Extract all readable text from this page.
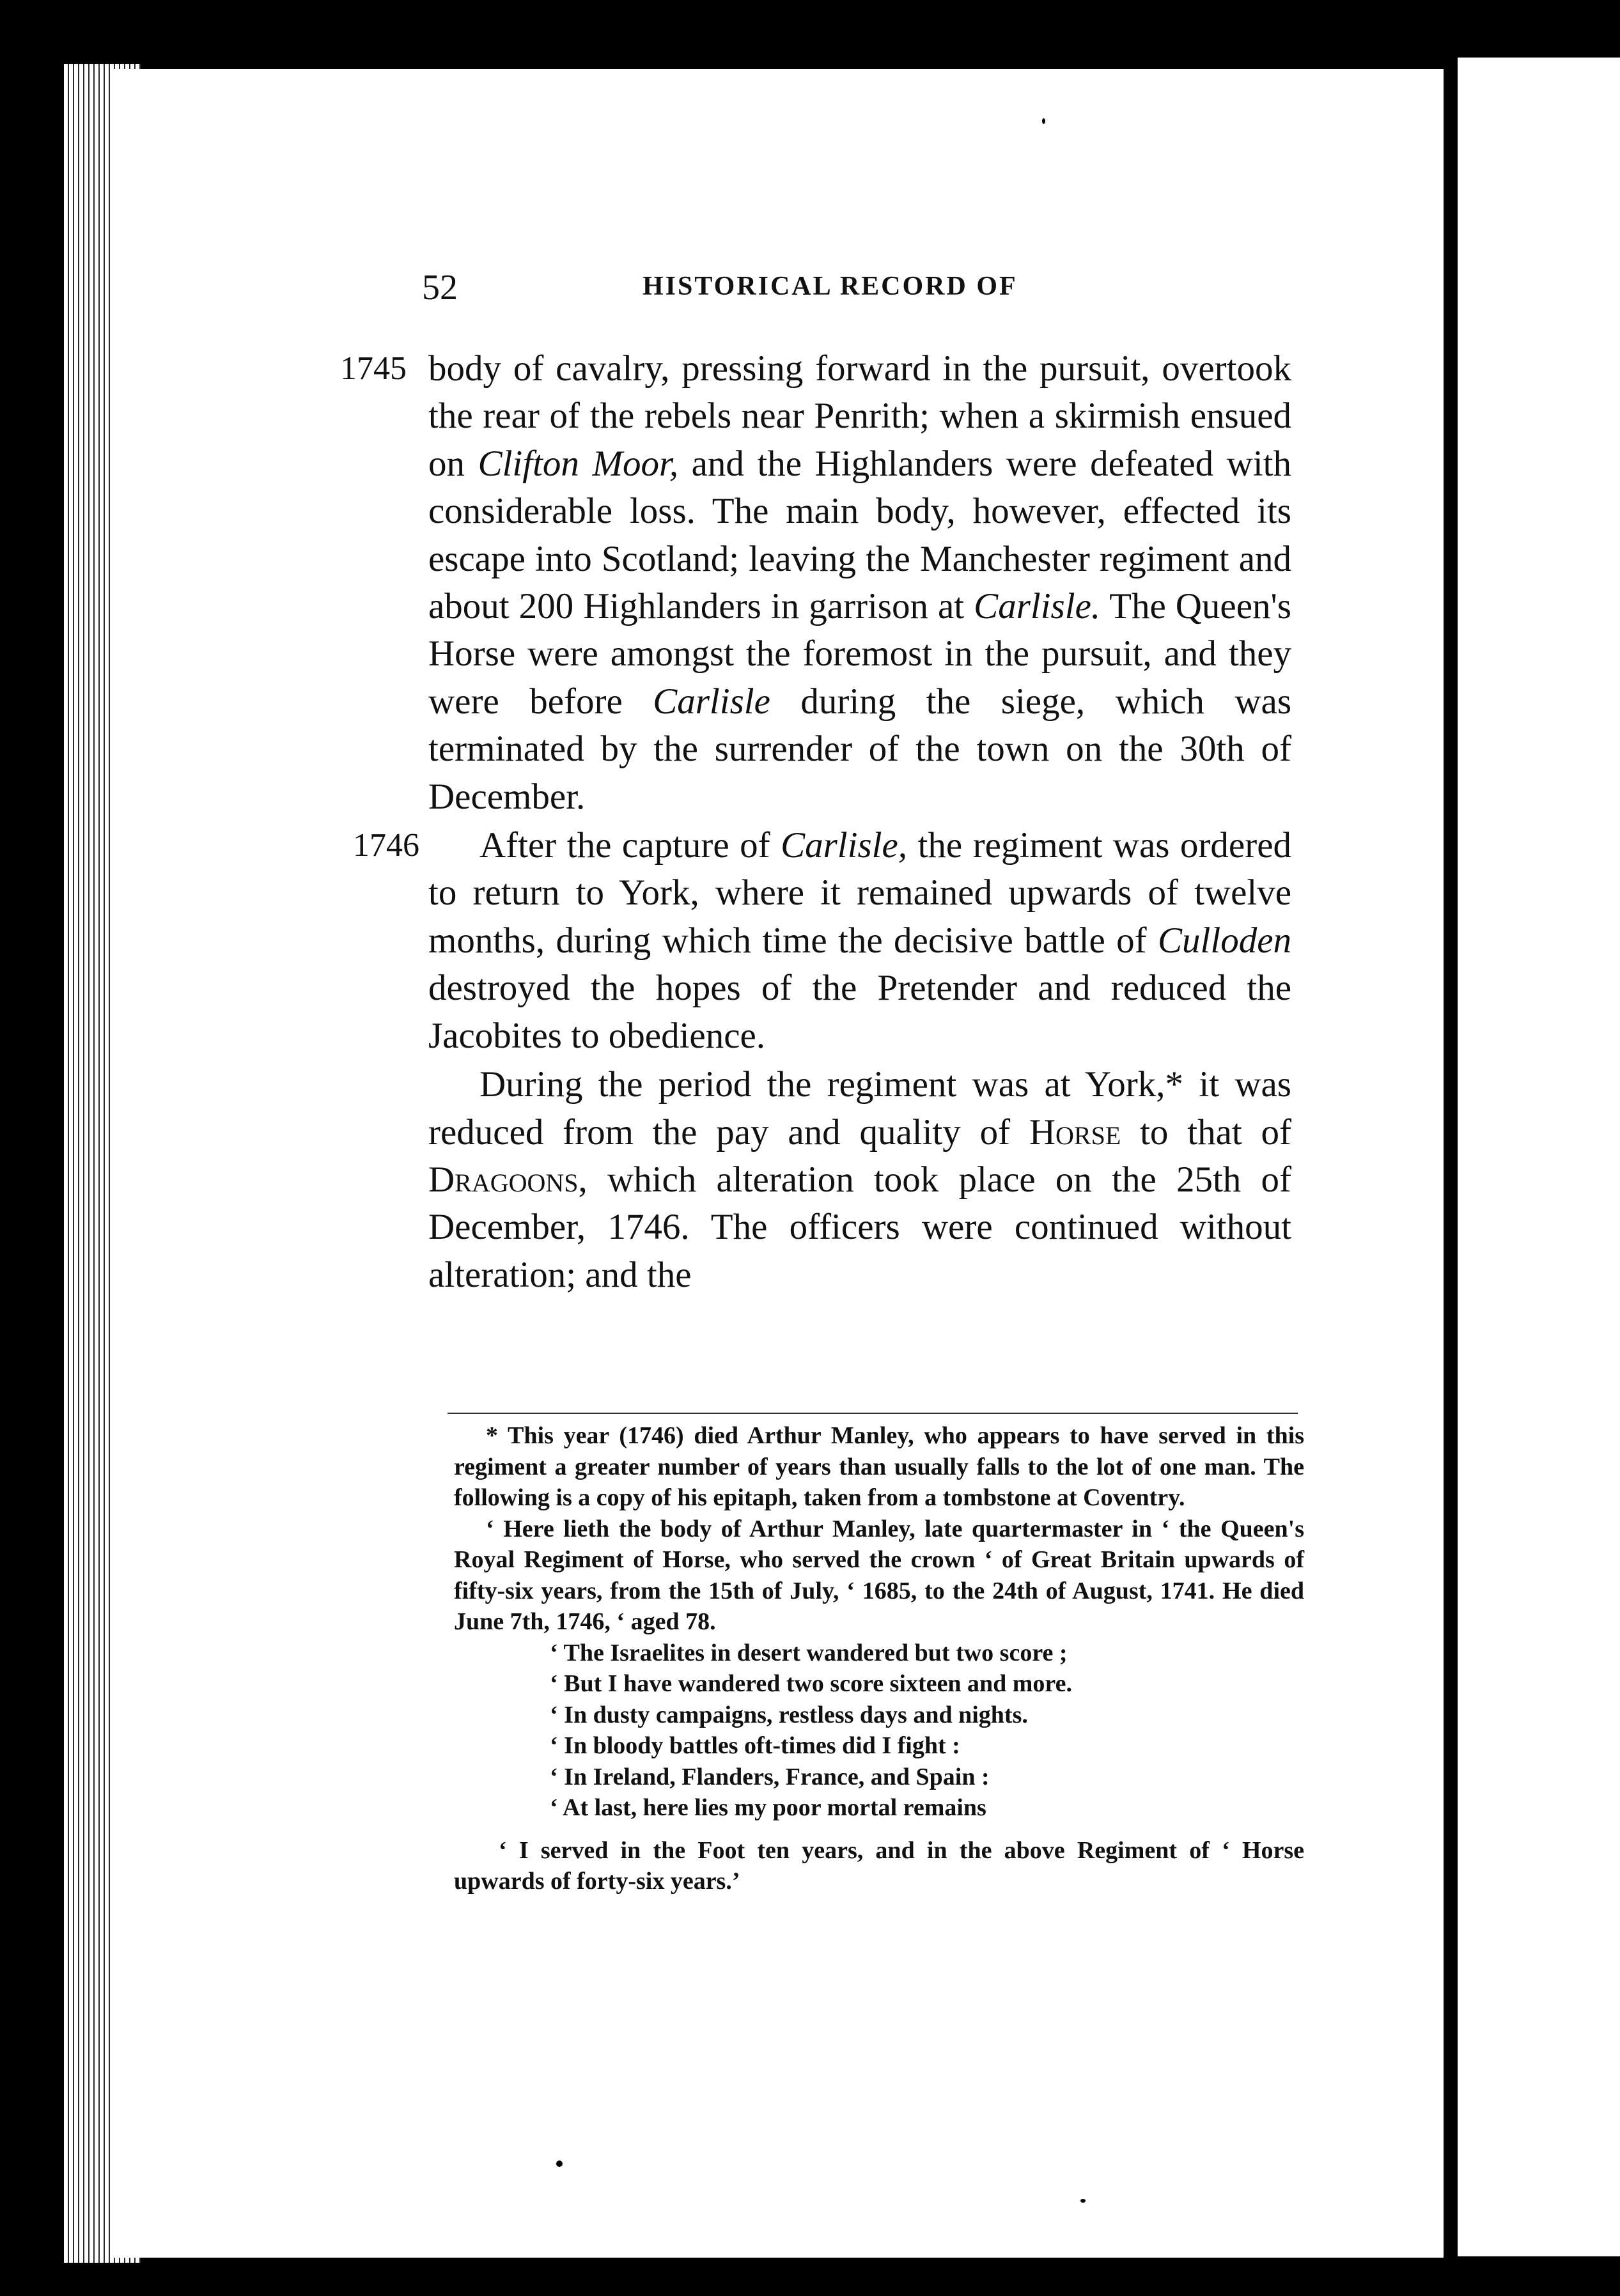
52	HISTORICAL RECORD OF

1745 body of cavalry, pressing forward in the pursuit, overtook the rear of the rebels near Penrith; when a skirmish ensued on Clifton Moor, and the Highlanders were defeated with considerable loss. The main body, however, effected its escape into Scotland; leaving the Manchester regiment and about 200 Highlanders in garrison at Carlisle. The Queen's Horse were amongst the foremost in the pursuit, and they were before Carlisle during the siege, which was terminated by the surrender of the town on the 30th of December.

1746 After the capture of Carlisle, the regiment was ordered to return to York, where it remained upwards of twelve months, during which time the decisive battle of Culloden destroyed the hopes of the Pretender and reduced the Jacobites to obedience.

During the period the regiment was at York,* it was reduced from the pay and quality of Horse to that of Dragoons, which alteration took place on the 25th of December, 1746. The officers were continued without alteration; and the

* This year (1746) died Arthur Manley, who appears to have served in this regiment a greater number of years than usually falls to the lot of one man. The following is a copy of his epitaph, taken from a tombstone at Coventry.

‘ Here lieth the body of Arthur Manley, late quartermaster in ‘ the Queen's Royal Regiment of Horse, who served the crown ‘ of Great Britain upwards of fifty-six years, from the 15th of July, ‘ 1685, to the 24th of August, 1741. He died June 7th, 1746, ‘ aged 78.

‘ The Israelites in desert wandered but two score ;
‘ But I have wandered two score sixteen and more.
‘ In dusty campaigns, restless days and nights.
‘ In bloody battles oft-times did I fight :
‘ In Ireland, Flanders, France, and Spain :
‘ At last, here lies my poor mortal remains

‘ I served in the Foot ten years, and in the above Regiment of ‘ Horse upwards of forty-six years.’
